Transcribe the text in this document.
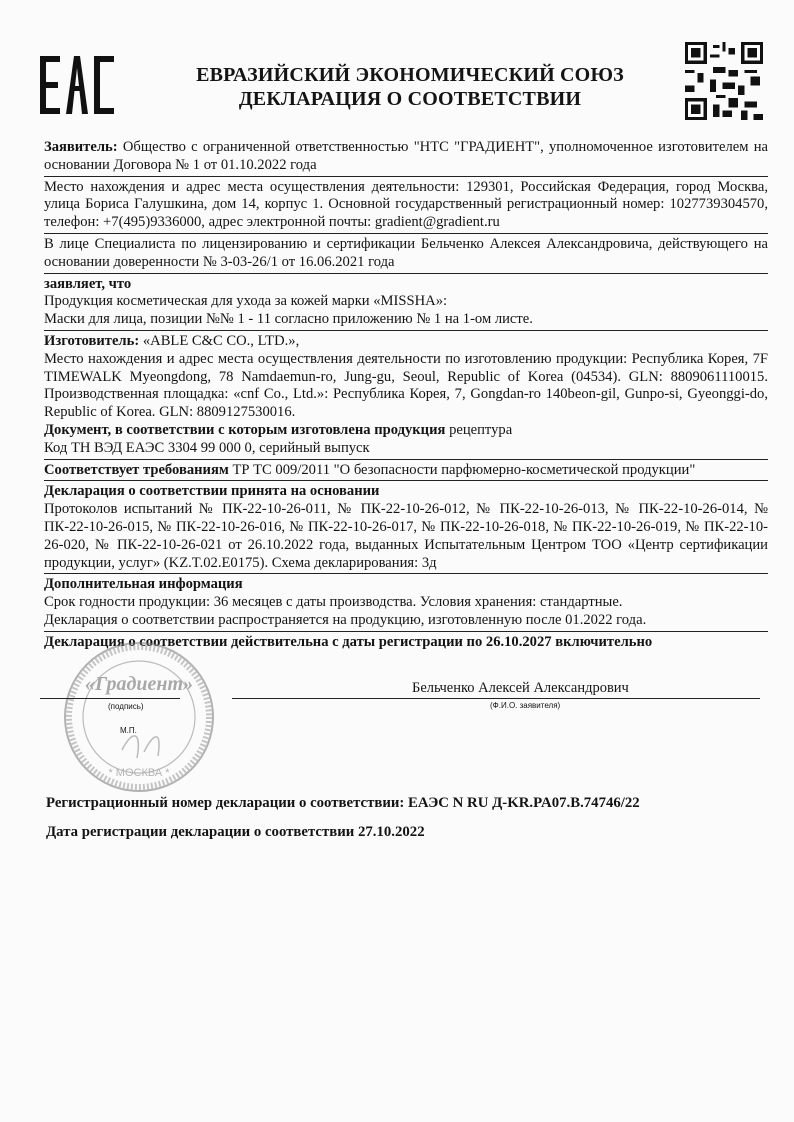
ЕВРАЗИЙСКИЙ ЭКОНОМИЧЕСКИЙ СОЮЗ
ДЕКЛАРАЦИЯ О СООТВЕТСТВИИ
Заявитель: Общество с ограниченной ответственностью "НТС "ГРАДИЕНТ", уполномоченное изготовителем на основании Договора № 1 от 01.10.2022 года
Место нахождения и адрес места осуществления деятельности: 129301, Российская Федерация, город Москва, улица Бориса Галушкина, дом 14, корпус 1. Основной государственный регистрационный номер: 1027739304570, телефон: +7(495)9336000, адрес электронной почты: gradient@gradient.ru
В лице Специалиста по лицензированию и сертификации Бельченко Алексея Александровича, действующего на основании доверенности № 3-03-26/1 от 16.06.2021 года

заявляет, что

Продукция косметическая для ухода за кожей марки «MISSHA»:

Маски для лица, позиции №№ 1 - 11 согласно приложению № 1 на 1-ом листе.

Изготовитель: «ABLE C&C CO., LTD.»,

Место нахождения и адрес места осуществления деятельности по изготовлению продукции: Республика Корея, 7F TIMEWALK Myeongdong, 78 Namdaemun-ro, Jung-gu, Seoul, Republic of Korea (04534). GLN: 8809061110015. Производственная площадка: «cnf Co., Ltd.»: Республика Корея, 7, Gongdan-ro 140beon-gil, Gunpo-si, Gyeonggi-do, Republic of Korea. GLN: 8809127530016.

Документ, в соответствии с которым изготовлена продукция рецептура

Код ТН ВЭД ЕАЭС 3304 99 000 0, серийный выпуск

Соответствует требованиям ТР ТС 009/2011 "О безопасности парфюмерно-косметической продукции"

Декларация о соответствии принята на основании

Протоколов испытаний № ПК-22-10-26-011, № ПК-22-10-26-012, № ПК-22-10-26-013, № ПК-22-10-26-014, № ПК-22-10-26-015, № ПК-22-10-26-016, № ПК-22-10-26-017, № ПК-22-10-26-018, № ПК-22-10-26-019, № ПК-22-10-26-020, № ПК-22-10-26-021 от 26.10.2022 года, выданных Испытательным Центром ТОО «Центр сертификации продукции, услуг» (KZ.T.02.E0175). Схема декларирования: 3д

Дополнительная информация

Срок годности продукции: 36 месяцев с даты производства. Условия хранения: стандартные.

Декларация о соответствии распространяется на продукцию, изготовленную после 01.2022 года.

Декларация о соответствии действительна с даты регистрации по 26.10.2027 включительно
«Градиент»
* МОСКВА *
(подпись)
М.П.
Бельченко Алексей Александрович
(Ф.И.О. заявителя)
Регистрационный номер декларации о соответствии: ЕАЭС N RU Д-KR.PA07.B.74746/22
Дата регистрации декларации о соответствии 27.10.2022
